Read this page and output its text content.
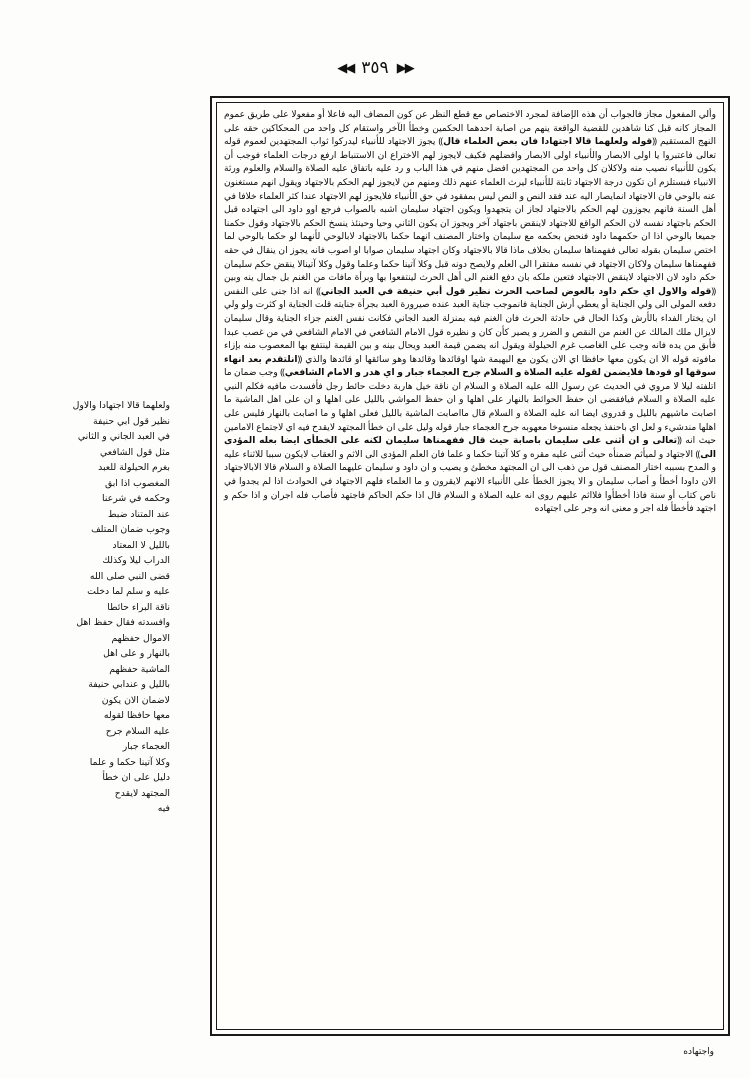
◀◀
٣٥٩
▶▶
ولعلهما قالا اجتهادا والاول
نظير قول ابي حنيفة
في العبد الجاني و الثاني
مثل قول الشافعي
بغرم الحيلولة للعبد
المغصوب اذا ابق
وحكمه في شرعنا
عند المتناد ضبط
وجوب ضمان المتلف
بالليل لا المعتاد
الدراب ليلا وكذلك
قضى النبي صلى الله
عليه و سلم لما دخلت
ناقة البراء حائطا
وافسدته فقال حفظ اهل
الاموال حفظهم
بالنهار و على اهل
الماشية حفظهم
بالليل و عندابي حنيفة
لاضمان الان يكون
معها حافظا لقوله
عليه السلام جرح
العجماء جبار
وكلا آتينا حكما و علما
دليل على ان خطأ
المجتهد لايقدح
فيه
وألي المفعول مجاز فالجواب أن هذه الإضافة لمجرد الاختصاص مع قطع النظر عن كون المضاف اليه فاعلا أو مفعولا على طريق عموم المجاز كانه قبل كنا شاهدين للقضية الواقعة ينهم من اصابة احدهما الحكمين وخطأ الآخر واستقام كل واحد من المحكاكين حقه على النهج المستقيم ⸨ قوله ولعلهما قالا اجتهادا فان بعض العلماء قال ⸩ يجوز الاجتهاد للأنبياء ليدركوا ثواب المجتهدين لعموم قوله تعالى فاعتبروا يا اولى الابصار والأنبياء اولى الابصار وافضلهم فكيف لايجوز لهم الاختراع ان الاستنباط ارفع درجات العلماء فوجب أن يكون للأنبياء نصيب منه ولاكلان كل واحد من المجتهدين افضل منهم في هذا الباب و رد عليه باتفاق عليه الصلاة والسلام والعلوم ورثة الانبياء فبستلزم ان تكون درجة الاجتهاد ثابتة للأنبياء ليرث العلماء عنهم ذلك ومنهم من لايجوز لهم الحكم بالاجتهاد ويقول انهم مستغنون عنه بالوحي فان الاجتهاد انمايصار اليه عند فقد النص و النص ليس بمفقود في حق الأنبياء فلايجوز لهم الاجتهاد عندا كثر العلماء خلافا في أهل السنة فانهم يجوزون لهم الحكم بالاجتهاد لجاز ان يتجهدوا ويكون اجتهاد سليمان اشبه بالصواب فرجع اوو داود الى اجتهاده قبل الحكم باجتهاد نفسه لان الحكم الواقع للاجتهاد لاينقض باجتهاد آخر ويجوز ان يكون الثاني وحيا وحينئذ ينسخ الحكم بالاجتهاد وقول حكمنا جميعا بالوحي اذا ان حكمهما داود فنحض بحكمه مع سليمان واختار المصنف انهما حكما بالاجتهاد لابالوحي لأنهما لو حكما بالوحي لما اختص سليمان بقوله تعالى ففهمناها سليمان بخلاف ماذا قالا بالاجتهاد وكان اجتهاد سليمان صوابا او اصوب فانه يجوز ان ينقال في حقه ففهمناها سليمان ولاكان الاجتهاد في نفسه مفتقرا الى العلم ولايصح دونه قبل وكلا آتينا حكما وعلما وقول وكلا آتينالا ينقض حكم سليمان حكم داود لان الاجتهاد لاينقض الاجتهاد فتعين ملكه بان دفع الغنم الى أهل الحرث لينتفعوا بها وبرأة مافات من الغنم بل جمال ينه وبين ⸨ قوله والاول اي حكم داود بالعوض لصاحب الحرث نظير قول أبي حنيفة في العبد الجاني ⸩ انه اذا جنى على النفس دفعه المولى الى ولي الجناية أو يعطي أرش الجناية فانموجب جناية العبد عنده صيرورة العبد بجرأة جنايته قلت الجناية او كثرت ولو ولي ان يختار الفداء بالأرش وكذا الحال في حادثة الحرث فان الغنم فيه بمنزلة العبد الجاني فكانت نفس الغنم جزاء الجناية وقال سليمان لايزال ملك المالك عن الغنم من النقص و الضرر و يصير كأن كان و نظيره قول الامام الشافعي في الامام الشافعي في من غصب عبدا فأبق من يده فانه وجب على الغاصب غرم الحيلولة ويقول انه يضمن قيمة العبد ويحال بينه و بين القيمة لينتفع بها المعصوب منه بإزاء مافوته قوله الا ان يكون معها حافظا اي الان يكون مع البهيمة شها اوقائدها وقائدها وهو سائقها او قائدها والذي ⸨ انلتقدم بعد انهاء سوقها او قودها فلايضمن لقوله عليه الصلاة و السلام جرح العجماء جبار و اي هدر و الامام الشافعي ⸩ وجب ضمان ما اتلفته ليلا لا مروي في الحديث عن رسول الله عليه الصلاة و السلام ان ناقة خيل هاربة دخلت حائط رجل فأفسدت مافيه فكلم النبي عليه الصلاة و السلام فيافقضى ان حفظ الحوائط بالنهار على اهلها و ان حفظ المواشي بالليل على اهلها و ان على اهل الماشية ما اصابت ماشيهم بالليل و قدروى ايضا انه عليه الصلاة و السلام قال مااصابت الماشية بالليل فعلى اهلها و ما اصابت بالنهار فليس على اهلها مندشيء و لعل اي باحنفذ يجعله منسوخا معهوبه جرح العجماء جبار قوله وليل على ان خطأ المجتهد لايقدح فيه اي لاجتماع الامامين حيث انه ⸨ تعالى و ان أثنى على سليمان باصابة حيث قال ففهمناها سليمان لكنه على الخطأى ايضا بعله المؤدى الى ⸩ الاجتهاد و لميأثم ضمنأه حيث أثنى عليه مقره و كلا آتينا حكما و علما فان العلم المؤدى الى الاثم و العقاب لايكون سببا للاثناء عليه و المدح بسببه اختار المصنف قول من ذهب الى ان المجتهد مخطئ و يصيب و ان داود و سليمان عليهما الصلاة و السلام قالا الابالاجتهاد الان داودا أخطأ و أصاب سليمان و الا يجوز الخطأ على الأنبياء الانهم لايقرون و ما العلماء فلهم الاجتهاد في الحوادث اذا لم يجدوا في ناص كتاب أو سنة فاذا أخطأوا فلااثم عليهم روى انه عليه الصلاة و السلام قال اذا حكم الحاكم فاجتهد فأصاب فله اجران و اذا حكم و اجتهد فأخطأ فله اجر و معنى انه وجر على اجتهاده
واجتهاده
